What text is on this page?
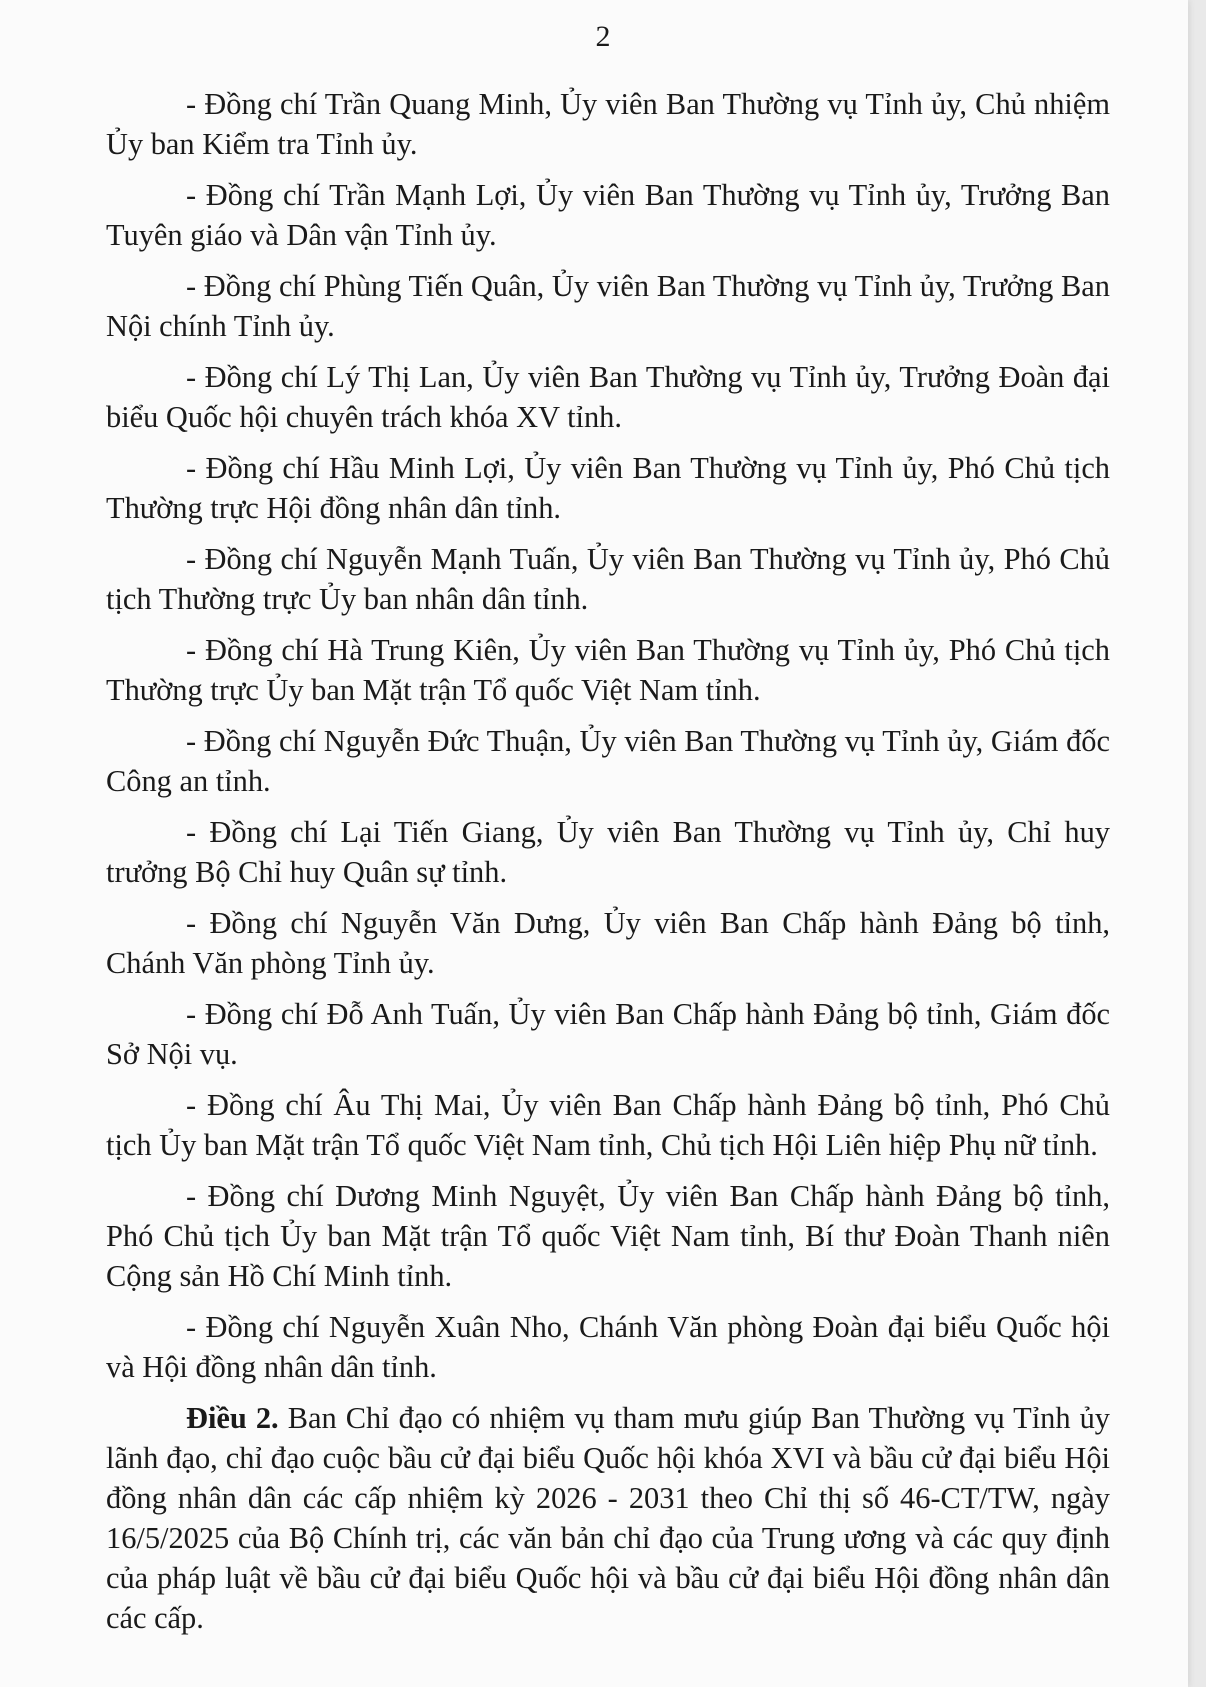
2

- Đồng chí Trần Quang Minh, Ủy viên Ban Thường vụ Tỉnh ủy, Chủ nhiệm Ủy ban Kiểm tra Tỉnh ủy.

- Đồng chí Trần Mạnh Lợi, Ủy viên Ban Thường vụ Tỉnh ủy, Trưởng Ban Tuyên giáo và Dân vận Tỉnh ủy.

- Đồng chí Phùng Tiến Quân, Ủy viên Ban Thường vụ Tỉnh ủy, Trưởng Ban Nội chính Tỉnh ủy.

- Đồng chí Lý Thị Lan, Ủy viên Ban Thường vụ Tỉnh ủy, Trưởng Đoàn đại biểu Quốc hội chuyên trách khóa XV tỉnh.

- Đồng chí Hầu Minh Lợi, Ủy viên Ban Thường vụ Tỉnh ủy, Phó Chủ tịch Thường trực Hội đồng nhân dân tỉnh.

- Đồng chí Nguyễn Mạnh Tuấn, Ủy viên Ban Thường vụ Tỉnh ủy, Phó Chủ tịch Thường trực Ủy ban nhân dân tỉnh.

- Đồng chí Hà Trung Kiên, Ủy viên Ban Thường vụ Tỉnh ủy, Phó Chủ tịch Thường trực Ủy ban Mặt trận Tổ quốc Việt Nam tỉnh.

- Đồng chí Nguyễn Đức Thuận, Ủy viên Ban Thường vụ Tỉnh ủy, Giám đốc Công an tỉnh.

- Đồng chí Lại Tiến Giang, Ủy viên Ban Thường vụ Tỉnh ủy, Chỉ huy trưởng Bộ Chỉ huy Quân sự tỉnh.

- Đồng chí Nguyễn Văn Dưng, Ủy viên Ban Chấp hành Đảng bộ tỉnh, Chánh Văn phòng Tỉnh ủy.

- Đồng chí Đỗ Anh Tuấn, Ủy viên Ban Chấp hành Đảng bộ tỉnh, Giám đốc Sở Nội vụ.

- Đồng chí Âu Thị Mai, Ủy viên Ban Chấp hành Đảng bộ tỉnh, Phó Chủ tịch Ủy ban Mặt trận Tổ quốc Việt Nam tỉnh, Chủ tịch Hội Liên hiệp Phụ nữ tỉnh.

- Đồng chí Dương Minh Nguyệt, Ủy viên Ban Chấp hành Đảng bộ tỉnh, Phó Chủ tịch Ủy ban Mặt trận Tổ quốc Việt Nam tỉnh, Bí thư Đoàn Thanh niên Cộng sản Hồ Chí Minh tỉnh.

- Đồng chí Nguyễn Xuân Nho, Chánh Văn phòng Đoàn đại biểu Quốc hội và Hội đồng nhân dân tỉnh.

Điều 2. Ban Chỉ đạo có nhiệm vụ tham mưu giúp Ban Thường vụ Tỉnh ủy lãnh đạo, chỉ đạo cuộc bầu cử đại biểu Quốc hội khóa XVI và bầu cử đại biểu Hội đồng nhân dân các cấp nhiệm kỳ 2026 - 2031 theo Chỉ thị số 46-CT/TW, ngày 16/5/2025 của Bộ Chính trị, các văn bản chỉ đạo của Trung ương và các quy định của pháp luật về bầu cử đại biểu Quốc hội và bầu cử đại biểu Hội đồng nhân dân các cấp.
